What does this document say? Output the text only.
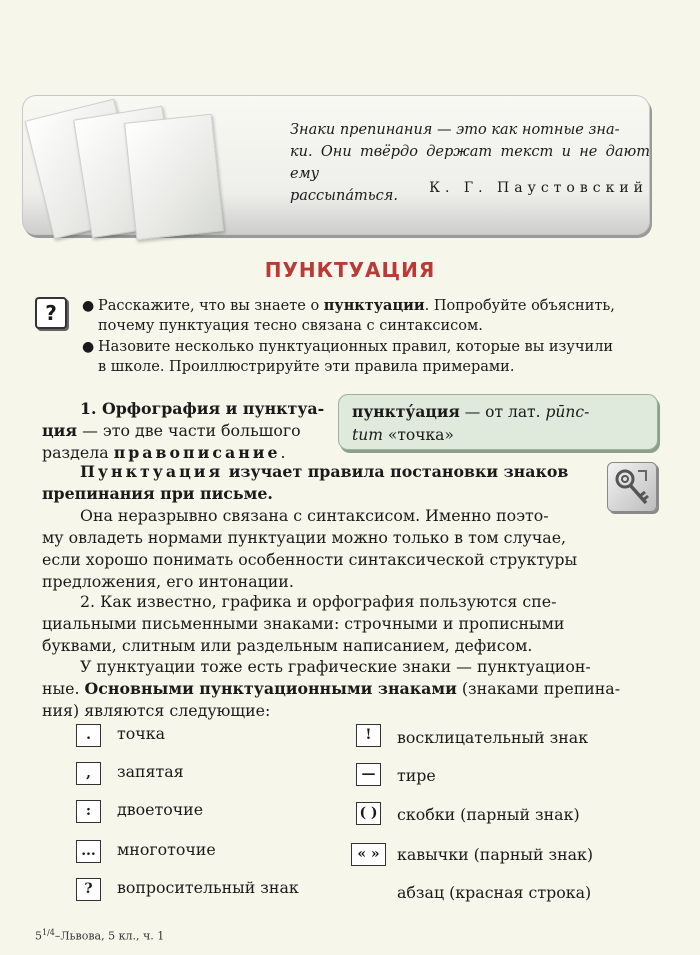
Знаки препинания — это как нотные зна-
ки. Они твёрдо держат текст и не дают ему
рассыпа́ться.	К. Г. Паустовский
ПУНКТУАЦИЯ
?	● Расскажите, что вы знаете о пунктуации. Попробуйте объяснить,
почему пунктуация тесно связана с синтаксисом.
● Назовите несколько пунктуационных правил, которые вы изучили
в школе. Проиллюстрируйте эти правила примерами.
пункту́ация — от лат. pūnc-
tum «точка»
1. Орфография и пунктуа-
ция — это две части большого
раздела правописание.
Пунктуация изучает правила постановки знаков
препинания при письме.
Она неразрывно связана с синтаксисом. Именно поэто-
му овладеть нормами пунктуации можно только в том случае,
если хорошо понимать особенности синтаксической структуры
предложения, его интонации.
2. Как известно, графика и орфография пользуются спе-
циальными письменными знаками: строчными и прописными
буквами, слитным или раздельным написанием, дефисом.
У пунктуации тоже есть графические знаки — пунктуацион-
ные. Основными пунктуационными знаками (знаками препина-
ния) являются следующие:
.	точка
,	запятая
:	двоеточие
...	многоточие
?	вопросительный знак
!	восклицательный знак
—	тире
( ) скобки (парный знак)
« »	кавычки (парный знак)
абзац (красная строка)
$5^{1/4}$–Львова, 5 кл., ч. 1
